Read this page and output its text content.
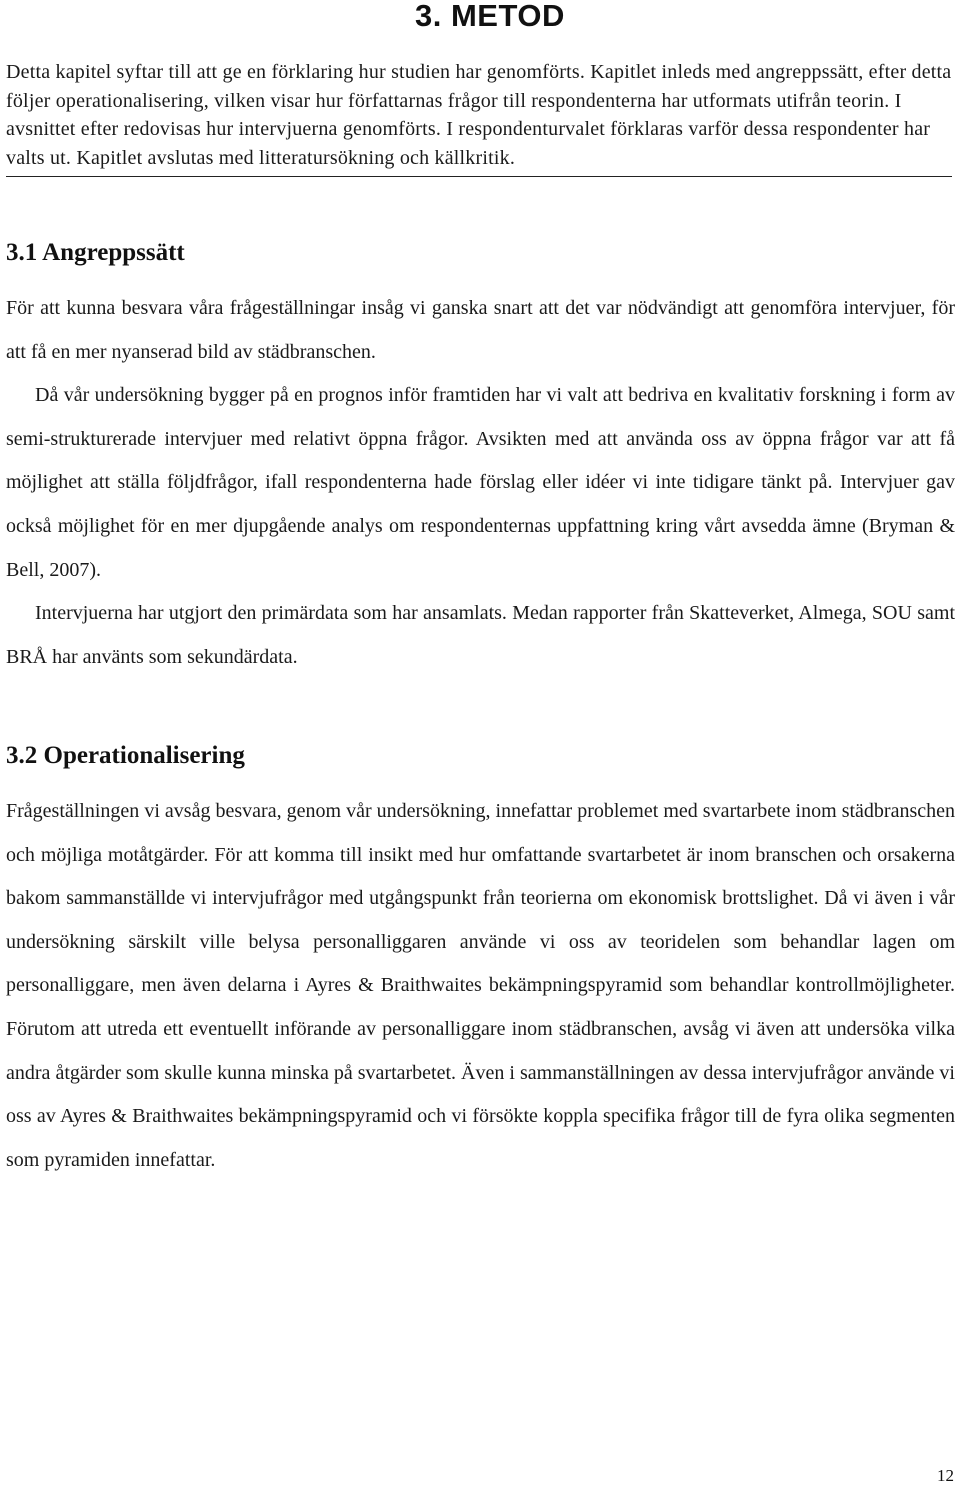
3. METOD

Detta kapitel syftar till att ge en förklaring hur studien har genomförts. Kapitlet inleds med angreppssätt, efter detta följer operationalisering, vilken visar hur författarnas frågor till respondenterna har utformats utifrån teorin. I avsnittet efter redovisas hur intervjuerna genomförts. I respondenturvalet förklaras varför dessa respondenter har valts ut. Kapitlet avslutas med litteratursökning och källkritik.

3.1 Angreppssätt

För att kunna besvara våra frågeställningar insåg vi ganska snart att det var nödvändigt att genomföra intervjuer, för att få en mer nyanserad bild av städbranschen.

Då vår undersökning bygger på en prognos inför framtiden har vi valt att bedriva en kvalitativ forskning i form av semi-strukturerade intervjuer med relativt öppna frågor. Avsikten med att använda oss av öppna frågor var att få möjlighet att ställa följdfrågor, ifall respondenterna hade förslag eller idéer vi inte tidigare tänkt på. Intervjuer gav också möjlighet för en mer djupgående analys om respondenternas uppfattning kring vårt avsedda ämne (Bryman & Bell, 2007).

Intervjuerna har utgjort den primärdata som har ansamlats. Medan rapporter från Skatteverket, Almega, SOU samt BRÅ har använts som sekundärdata.

3.2 Operationalisering

Frågeställningen vi avsåg besvara, genom vår undersökning, innefattar problemet med svartarbete inom städbranschen och möjliga motåtgärder. För att komma till insikt med hur omfattande svartarbetet är inom branschen och orsakerna bakom sammanställde vi intervjufrågor med utgångspunkt från teorierna om ekonomisk brottslighet. Då vi även i vår undersökning särskilt ville belysa personalliggaren använde vi oss av teoridelen som behandlar lagen om personalliggare, men även delarna i Ayres & Braithwaites bekämpningspyramid som behandlar kontrollmöjligheter. Förutom att utreda ett eventuellt införande av personalliggare inom städbranschen, avsåg vi även att undersöka vilka andra åtgärder som skulle kunna minska på svartarbetet. Även i sammanställningen av dessa intervjufrågor använde vi oss av Ayres & Braithwaites bekämpningspyramid och vi försökte koppla specifika frågor till de fyra olika segmenten som pyramiden innefattar.

12
